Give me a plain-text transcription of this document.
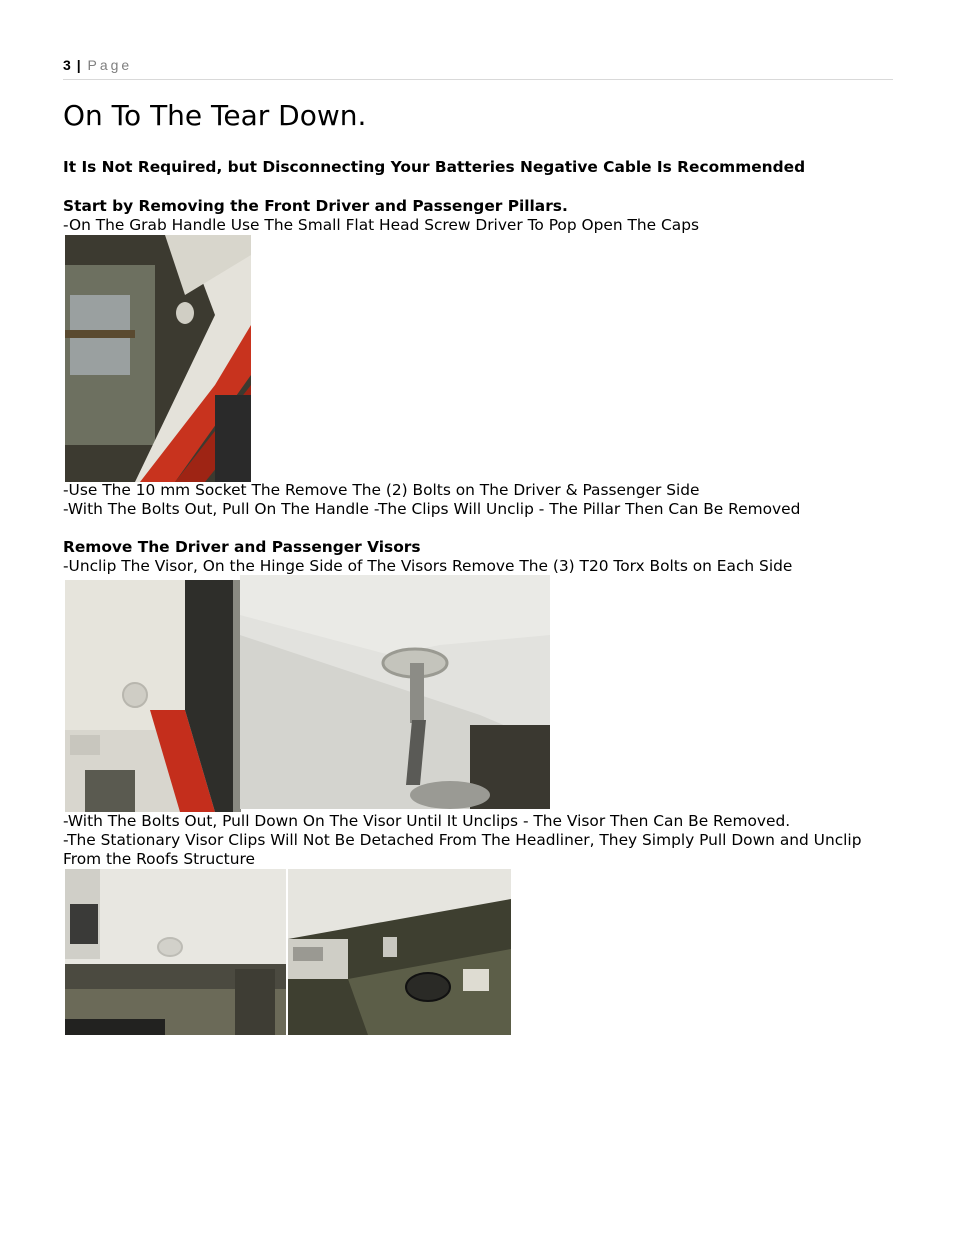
3 | Page
On To The Tear Down.
It Is Not Required, but Disconnecting Your Batteries Negative Cable Is Recommended
Start by Removing the Front Driver and Passenger Pillars.
-On The Grab Handle Use The Small Flat Head Screw Driver To Pop Open The Caps
-Use The 10 mm Socket The Remove The (2) Bolts on The Driver & Passenger Side
-With The Bolts Out, Pull On The Handle -The Clips Will Unclip - The Pillar Then Can Be Removed
Remove The Driver and Passenger Visors
-Unclip The Visor, On the Hinge Side of The Visors Remove The (3) T20 Torx Bolts on Each Side
-With The Bolts Out, Pull Down On The Visor Until It Unclips - The Visor Then Can Be Removed.
-The Stationary Visor Clips Will Not Be Detached From The Headliner, They Simply Pull Down and Unclip From the Roofs Structure
